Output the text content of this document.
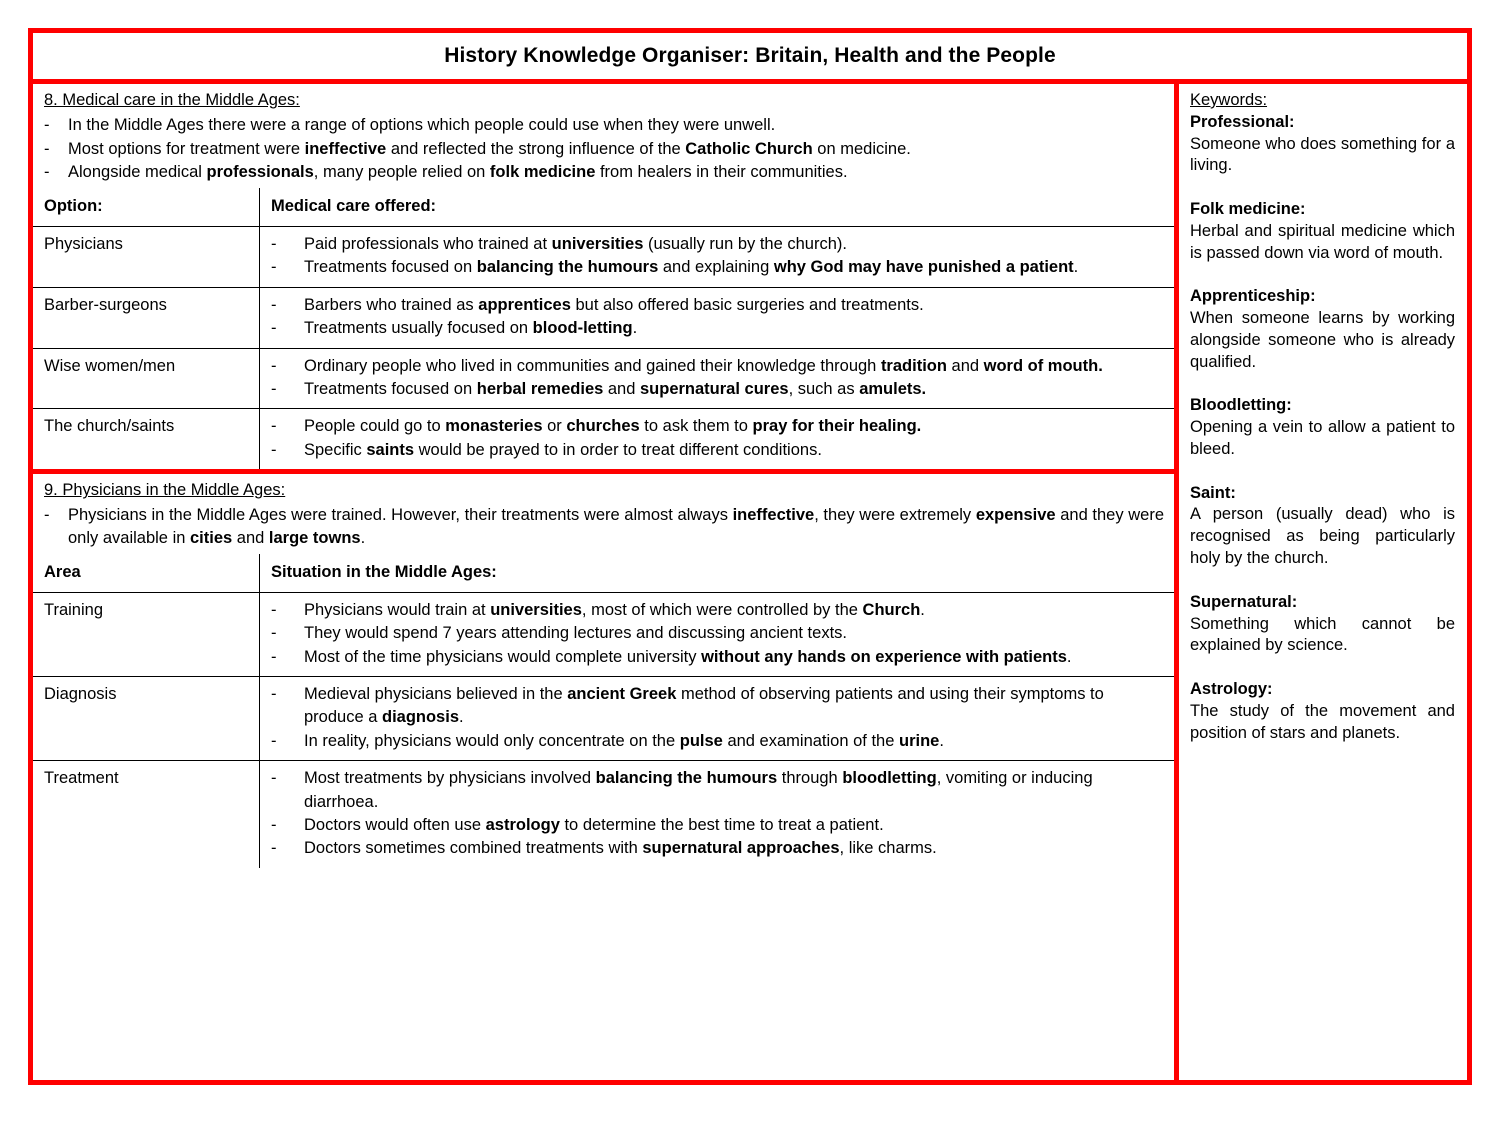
History Knowledge Organiser: Britain, Health and the People
8. Medical care in the Middle Ages:
-	In the Middle Ages there were a range of options which people could use when they were unwell.
-	Most options for treatment were ineffective and reflected the strong influence of the Catholic Church on medicine.
-	Alongside medical professionals, many people relied on folk medicine from healers in their communities.
Option:	Medical care offered:
Physicians	-	Paid professionals who trained at universities (usually run by the church).
-	Treatments focused on balancing the humours and explaining why God may have punished a patient.

Barber-surgeons	-	Barbers who trained as apprentices but also offered basic surgeries and treatments.
-	Treatments usually focused on blood-letting.

Wise women/men	-	Ordinary people who lived in communities and gained their knowledge through tradition and word of mouth.
-	Treatments focused on herbal remedies and supernatural cures, such as amulets.

The church/saints	-	People could go to monasteries or churches to ask them to pray for their healing.
-	Specific saints would be prayed to in order to treat different conditions.
9. Physicians in the Middle Ages:
-	Physicians in the Middle Ages were trained. However, their treatments were almost always ineffective, they were extremely expensive and they were only available in cities and large towns.
Area	Situation in the Middle Ages:
Training	-	Physicians would train at universities, most of which were controlled by the Church.
-	They would spend 7 years attending lectures and discussing ancient texts.
-	Most of the time physicians would complete university without any hands on experience with patients.

Diagnosis	-	Medieval physicians believed in the ancient Greek method of observing patients and using their symptoms to produce a diagnosis.
-	In reality, physicians would only concentrate on the pulse and examination of the urine.

Treatment	-	Most treatments by physicians involved balancing the humours through bloodletting, vomiting or inducing diarrhoea.
-	Doctors would often use astrology to determine the best time to treat a patient.
-	Doctors sometimes combined treatments with supernatural approaches, like charms.
Keywords:
Professional:
Someone who does something for a living.
Folk medicine:
Herbal and spiritual medicine which is passed down via word of mouth.
Apprenticeship:
When someone learns by working alongside someone who is already qualified.
Bloodletting:
Opening a vein to allow a patient to bleed.
Saint:
A person (usually dead) who is recognised as being particularly holy by the church.
Supernatural:
Something which cannot be explained by science.
Astrology:
The study of the movement and position of stars and planets.
